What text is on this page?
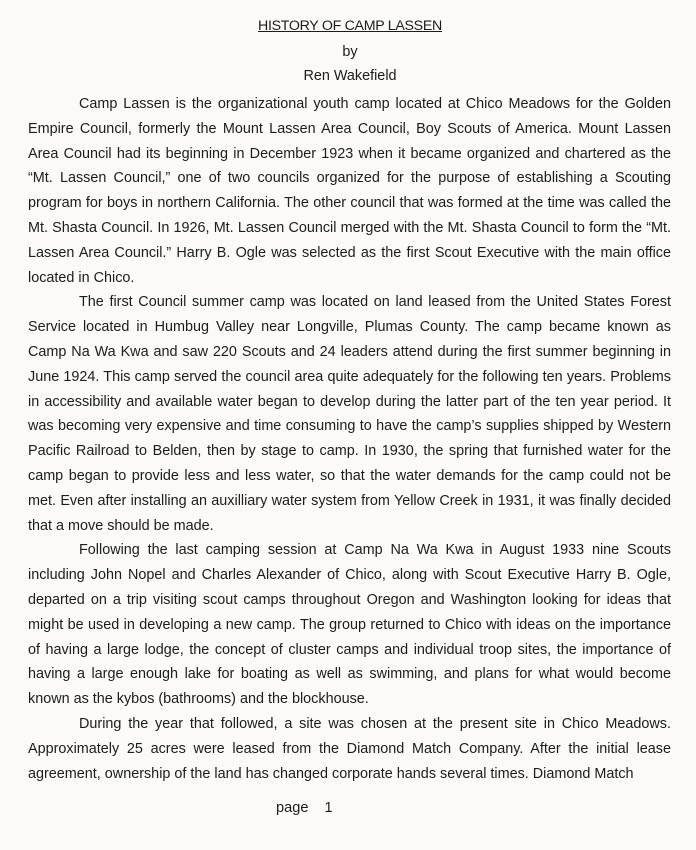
HISTORY OF CAMP LASSEN
by
Ren Wakefield

Camp Lassen is the organizational youth camp located at Chico Meadows for the Golden Empire Council, formerly the Mount Lassen Area Council, Boy Scouts of America. Mount Lassen Area Council had its beginning in December 1923 when it became organized and chartered as the “Mt. Lassen Council,” one of two councils organized for the purpose of establishing a Scouting program for boys in northern California. The other council that was formed at the time was called the Mt. Shasta Council. In 1926, Mt. Lassen Council merged with the Mt. Shasta Council to form the “Mt. Lassen Area Council.” Harry B. Ogle was selected as the first Scout Executive with the main office located in Chico.

The first Council summer camp was located on land leased from the United States Forest Service located in Humbug Valley near Longville, Plumas County. The camp became known as Camp Na Wa Kwa and saw 220 Scouts and 24 leaders attend during the first summer beginning in June 1924. This camp served the council area quite adequately for the following ten years. Problems in accessibility and available water began to develop during the latter part of the ten year period. It was becoming very expensive and time consuming to have the camp’s supplies shipped by Western Pacific Railroad to Belden, then by stage to camp. In 1930, the spring that furnished water for the camp began to provide less and less water, so that the water demands for the camp could not be met. Even after installing an auxilliary water system from Yellow Creek in 1931, it was finally decided that a move should be made.

Following the last camping session at Camp Na Wa Kwa in August 1933 nine Scouts including John Nopel and Charles Alexander of Chico, along with Scout Executive Harry B. Ogle, departed on a trip visiting scout camps throughout Oregon and Washington looking for ideas that might be used in developing a new camp. The group returned to Chico with ideas on the importance of having a large lodge, the concept of cluster camps and individual troop sites, the importance of having a large enough lake for boating as well as swimming, and plans for what would become known as the kybos (bathrooms) and the blockhouse.

During the year that followed, a site was chosen at the present site in Chico Meadows. Approximately 25 acres were leased from the Diamond Match Company. After the initial lease agreement, ownership of the land has changed corporate hands several times. Diamond Match

page 1
